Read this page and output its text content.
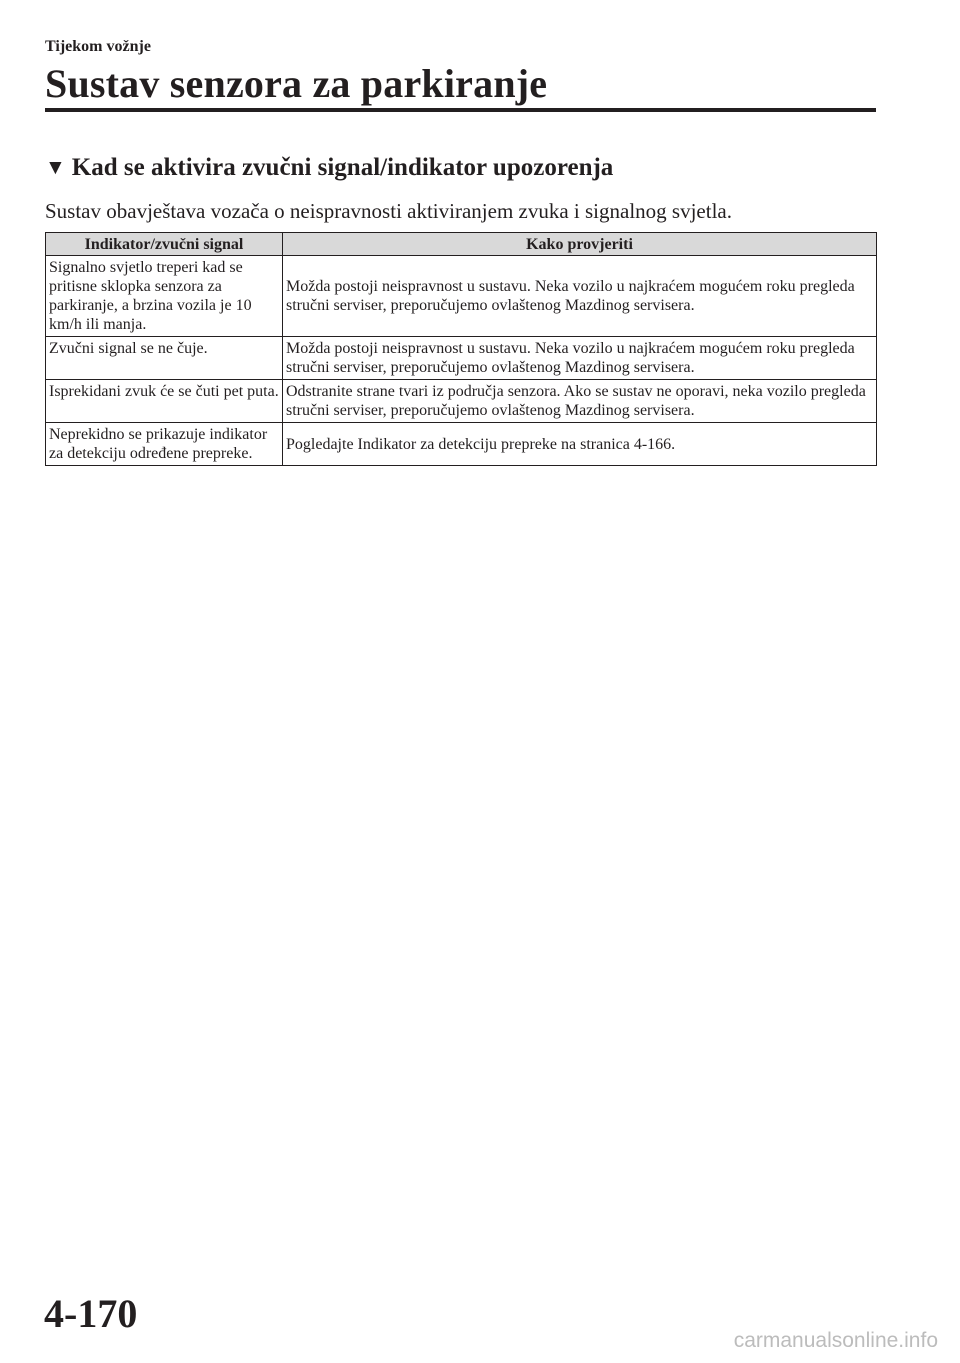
Tijekom vožnje
Sustav senzora za parkiranje
▼ Kad se aktivira zvučni signal/indikator upozorenja
Sustav obavještava vozača o neispravnosti aktiviranjem zvuka i signalnog svjetla.
Indikator/zvučni signal	Kako provjeriti
Signalno svjetlo treperi kad se pritisne sklopka senzora za parkiranje, a brzina vozila je 10 km/h ili manja.	Možda postoji neispravnost u sustavu. Neka vozilo u najkraćem mogućem roku pregleda stručni serviser, preporučujemo ovlaštenog Mazdinog servisera.
Zvučni signal se ne čuje.	Možda postoji neispravnost u sustavu. Neka vozilo u najkraćem mogućem roku pregleda stručni serviser, preporučujemo ovlaštenog Mazdinog servisera.
Isprekidani zvuk će se čuti pet puta.	Odstranite strane tvari iz područja senzora. Ako se sustav ne oporavi, neka vozilo pregleda stručni serviser, preporučujemo ovlaštenog Mazdinog servisera.
Neprekidno se prikazuje indikator za detekciju određene prepreke.	Pogledajte Indikator za detekciju prepreke na stranica 4-166.
4-170
carmanualsonline.info
